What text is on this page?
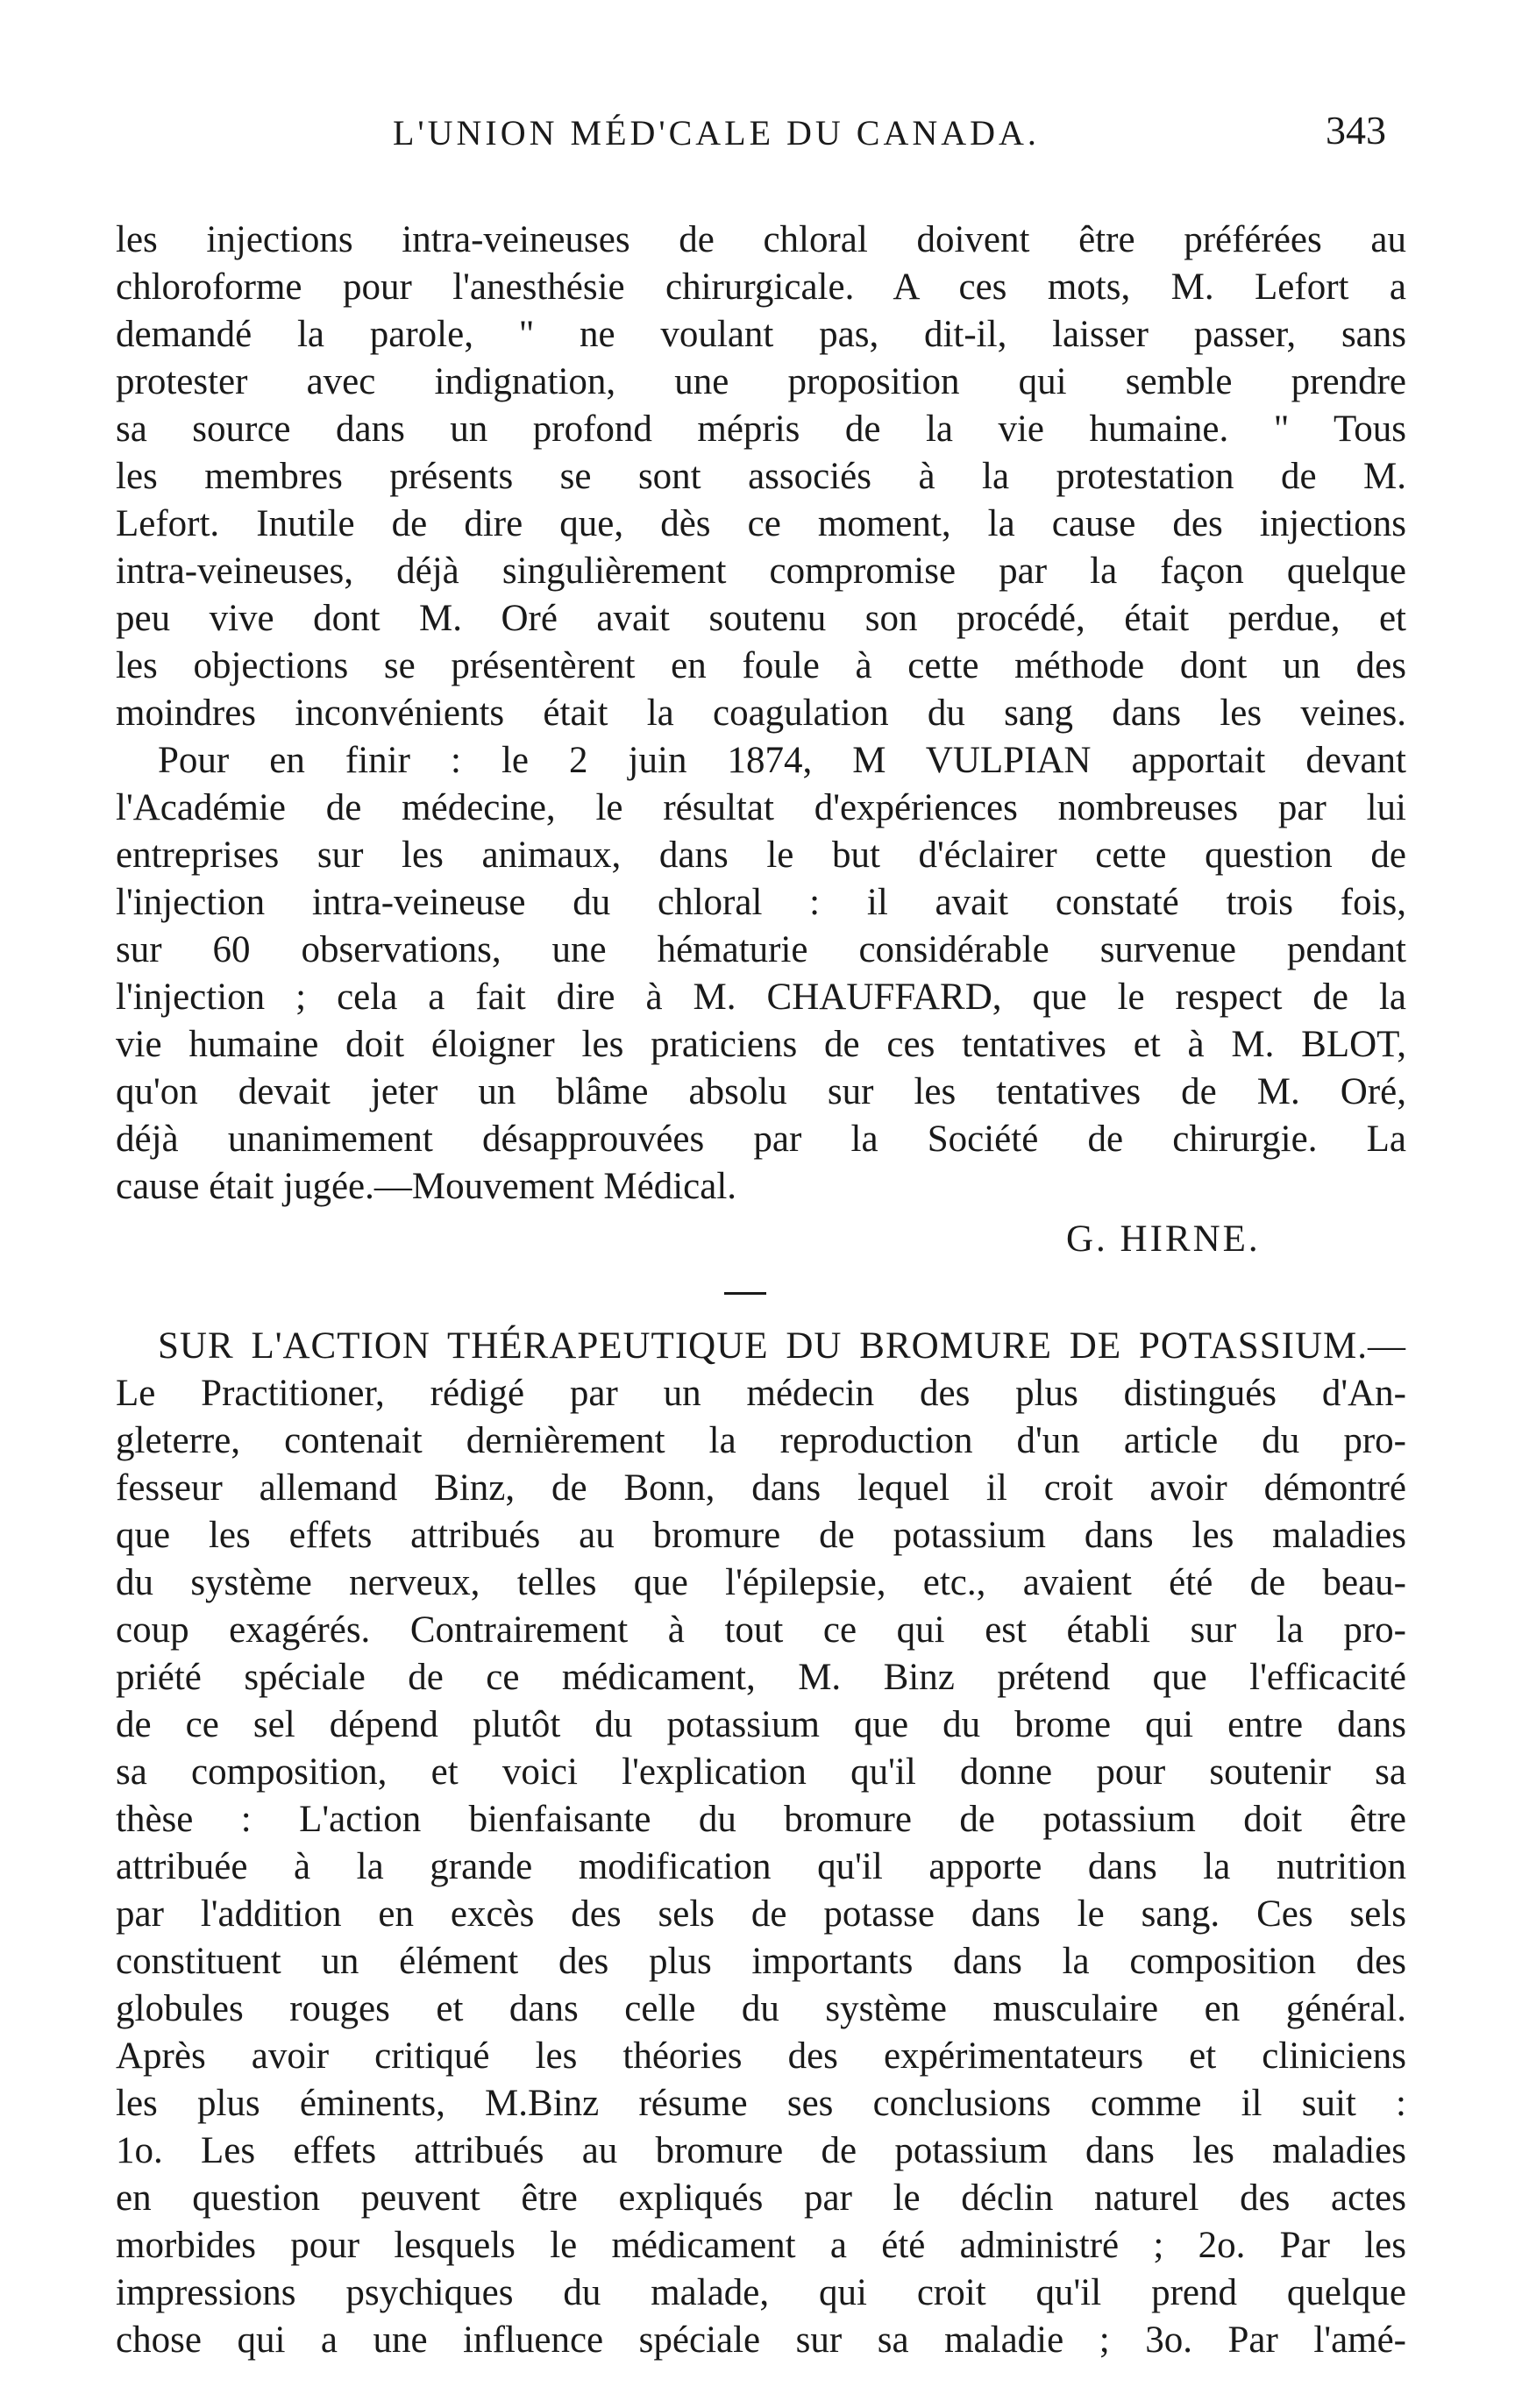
L'UNION MÉD'CALE DU CANADA.	343
les injections intra-veineuses de chloral doivent être préférées au
chloroforme pour l'anesthésie chirurgicale. A ces mots, M. Lefort a
demandé la parole, " ne voulant pas, dit-il, laisser passer, sans
protester avec indignation, une proposition qui semble prendre
sa source dans un profond mépris de la vie humaine. " Tous
les membres présents se sont associés à la protestation de M.
Lefort. Inutile de dire que, dès ce moment, la cause des injections
intra-veineuses, déjà singulièrement compromise par la façon quelque
peu vive dont M. Oré avait soutenu son procédé, était perdue, et
les objections se présentèrent en foule à cette méthode dont un des
moindres inconvénients était la coagulation du sang dans les veines.
Pour en finir : le 2 juin 1874, M VULPIAN apportait devant
l'Académie de médecine, le résultat d'expériences nombreuses par lui
entreprises sur les animaux, dans le but d'éclairer cette question de
l'injection intra-veineuse du chloral : il avait constaté trois fois,
sur 60 observations, une hématurie considérable survenue pendant
l'injection ; cela a fait dire à M. CHAUFFARD, que le respect de la
vie humaine doit éloigner les praticiens de ces tentatives et à M. BLOT,
qu'on devait jeter un blâme absolu sur les tentatives de M. Oré,
déjà unanimement désapprouvées par la Société de chirurgie. La
cause était jugée.—Mouvement Médical.
G. HIRNE.
SUR L'ACTION THÉRAPEUTIQUE DU BROMURE DE POTASSIUM.—
Le Practitioner, rédigé par un médecin des plus distingués d'An-
gleterre, contenait dernièrement la reproduction d'un article du pro-
fesseur allemand Binz, de Bonn, dans lequel il croit avoir démontré
que les effets attribués au bromure de potassium dans les maladies
du système nerveux, telles que l'épilepsie, etc., avaient été de beau-
coup exagérés. Contrairement à tout ce qui est établi sur la pro-
priété spéciale de ce médicament, M. Binz prétend que l'efficacité
de ce sel dépend plutôt du potassium que du brome qui entre dans
sa composition, et voici l'explication qu'il donne pour soutenir sa
thèse : L'action bienfaisante du bromure de potassium doit être
attribuée à la grande modification qu'il apporte dans la nutrition
par l'addition en excès des sels de potasse dans le sang. Ces sels
constituent un élément des plus importants dans la composition des
globules rouges et dans celle du système musculaire en général.
Après avoir critiqué les théories des expérimentateurs et cliniciens
les plus éminents, M.Binz résume ses conclusions comme il suit :
1o. Les effets attribués au bromure de potassium dans les maladies
en question peuvent être expliqués par le déclin naturel des actes
morbides pour lesquels le médicament a été administré ; 2o. Par les
impressions psychiques du malade, qui croit qu'il prend quelque
chose qui a une influence spéciale sur sa maladie ; 3o. Par l'amé-
